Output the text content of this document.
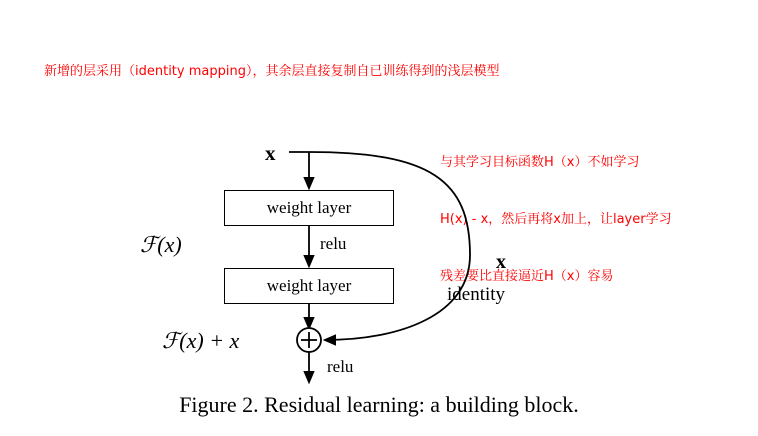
新增的层采用（identity mapping），其余层直接复制自已训练得到的浅层模型

与其学习目标函数H（x）不如学习

H(x) - x，然后再将x加上，让layer学习

残差要比直接逼近H（x）容易

weight layer
weight layer
x
ℱ(x)
ℱ(x) + x
relu
relu
x
identity
Figure 2. Residual learning: a building block.
